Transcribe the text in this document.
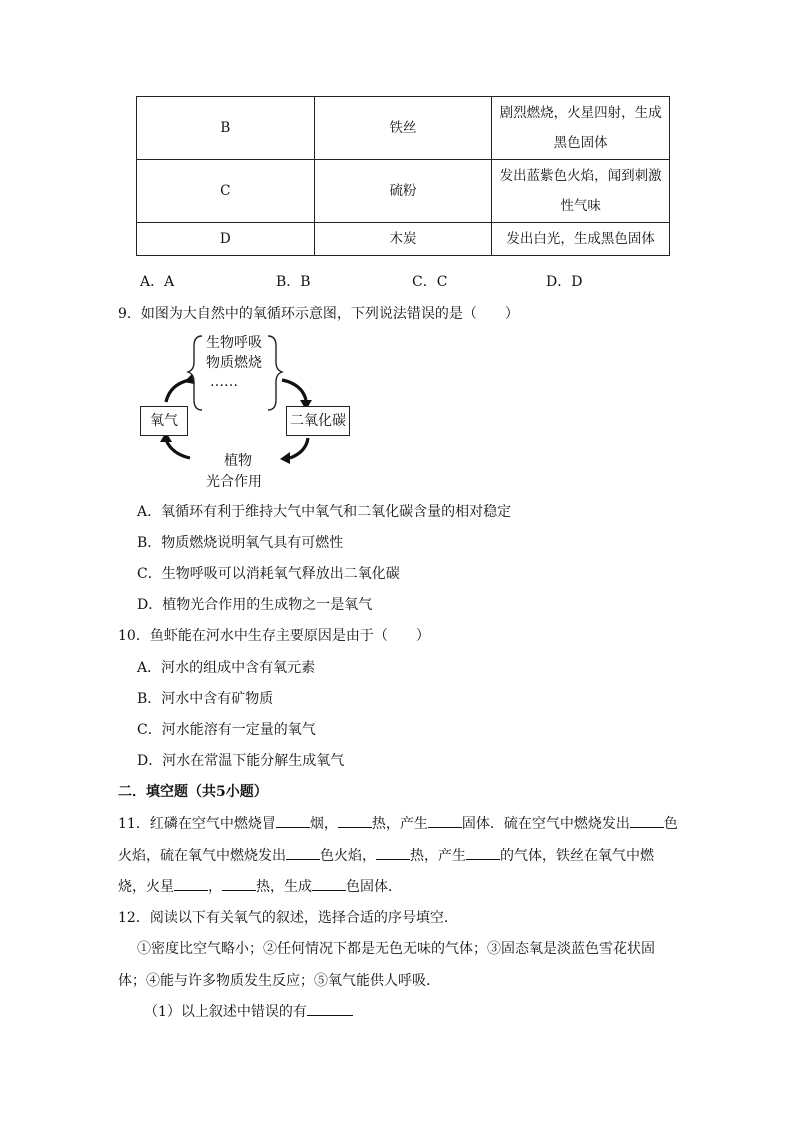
B	铁丝	剧烈燃烧，火星四射，生成
黑色固体

C	硫粉	发出蓝紫色火焰，闻到刺激
性气味

D	木炭	发出白光，生成黑色固体
A．A	B．B	C．C	D．D
9．如图为大自然中的氧循环示意图，下列说法错误的是（　　）
生物呼吸
物质燃烧
……
氧气	二氧化碳
植物
光合作用
A．氧循环有利于维持大气中氧气和二氧化碳含量的相对稳定
B．物质燃烧说明氧气具有可燃性
C．生物呼吸可以消耗氧气释放出二氧化碳
D．植物光合作用的生成物之一是氧气
10．鱼虾能在河水中生存主要原因是由于（　　）
A．河水的组成中含有氧元素
B．河水中含有矿物质
C．河水能溶有一定量的氧气
D．河水在常温下能分解生成氧气
二．填空题（共5小题）
11．红磷在空气中燃烧冒 烟， 热，产生 固体．硫在空气中燃烧发出 色
火焰，硫在氧气中燃烧发出 色火焰， 热，产生 的气体，铁丝在氧气中燃
烧，火星 ， 热，生成 色固体．
12．阅读以下有关氧气的叙述，选择合适的序号填空．
①密度比空气略小；②任何情况下都是无色无味的气体；③固态氧是淡蓝色雪花状固
体；④能与许多物质发生反应；⑤氧气能供人呼吸．
（1）以上叙述中错误的有
